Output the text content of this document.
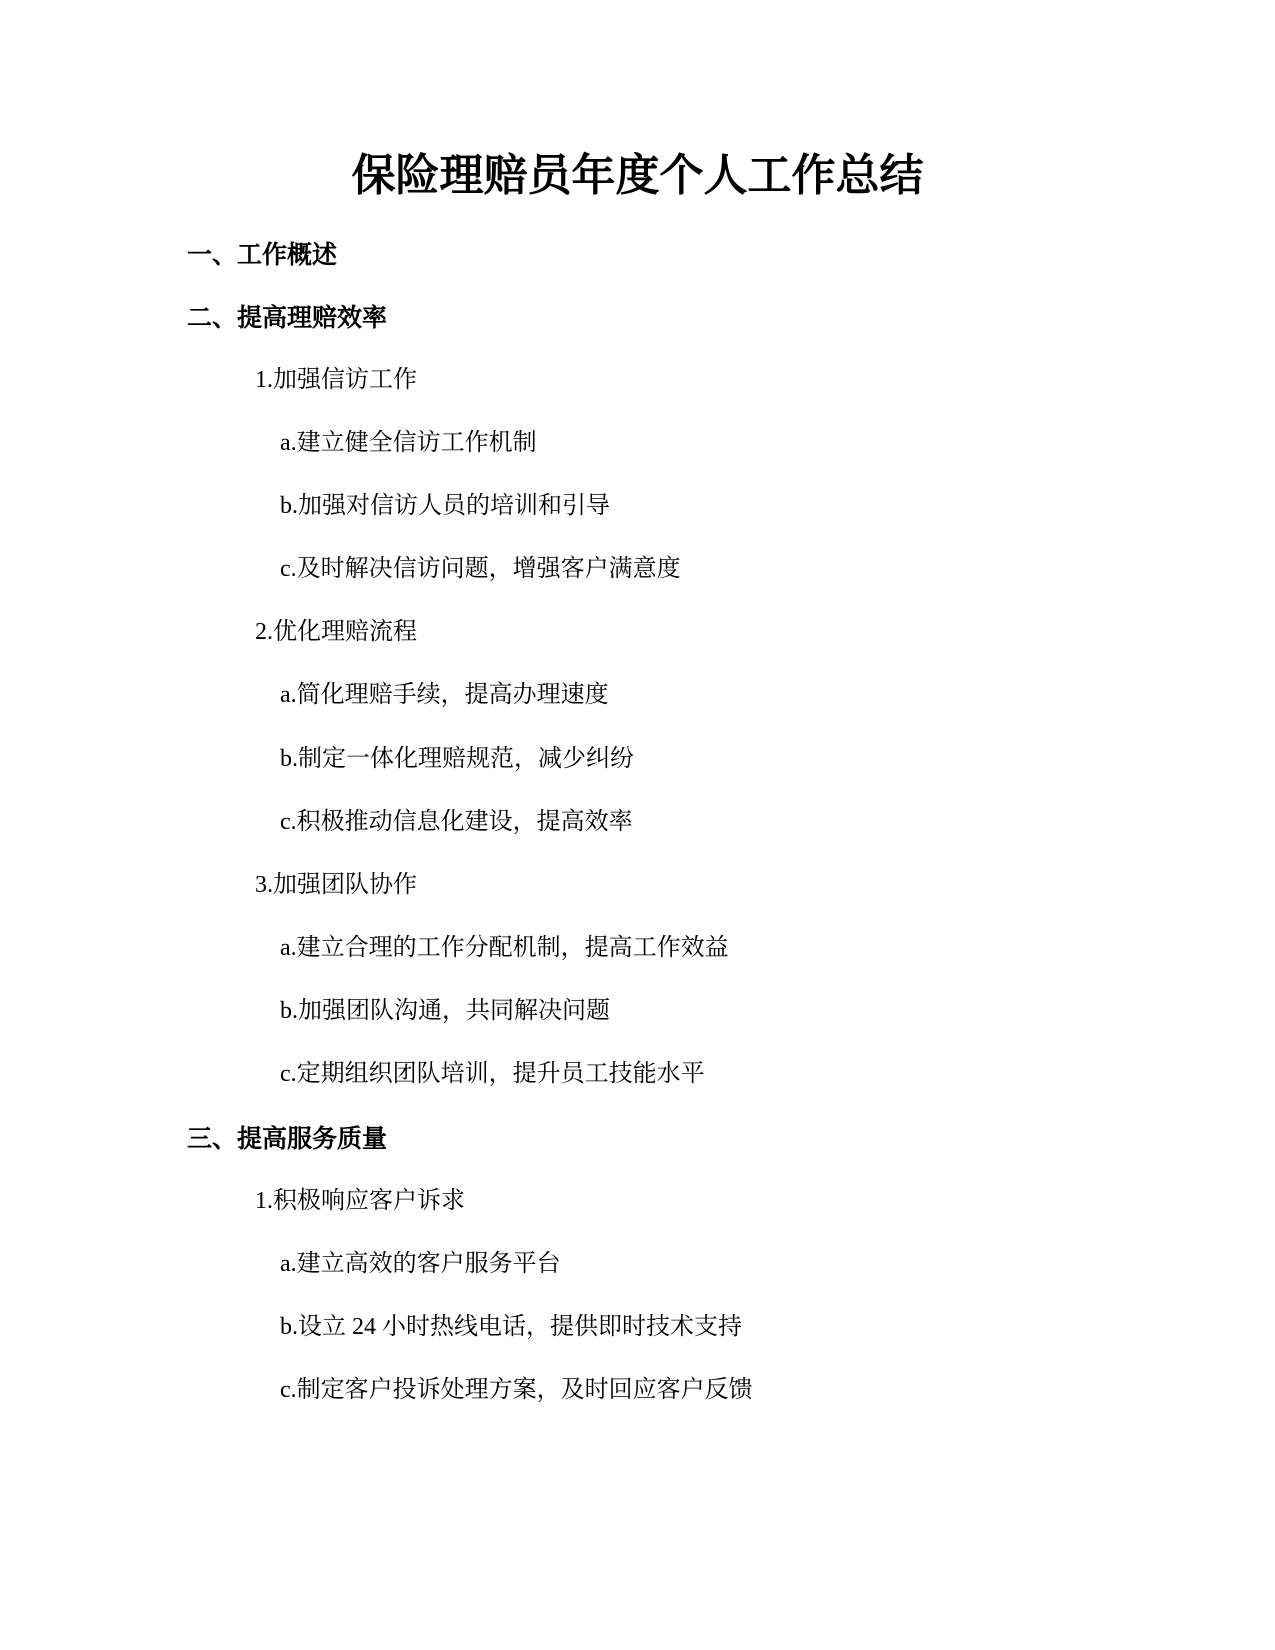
保险理赔员年度个人工作总结
一、工作概述
二、提高理赔效率
1.加强信访工作
a.建立健全信访工作机制
b.加强对信访人员的培训和引导
c.及时解决信访问题，增强客户满意度
2.优化理赔流程
a.简化理赔手续，提高办理速度
b.制定一体化理赔规范，减少纠纷
c.积极推动信息化建设，提高效率
3.加强团队协作
a.建立合理的工作分配机制，提高工作效益
b.加强团队沟通，共同解决问题
c.定期组织团队培训，提升员工技能水平
三、提高服务质量
1.积极响应客户诉求
a.建立高效的客户服务平台
b.设立 24 小时热线电话，提供即时技术支持
c.制定客户投诉处理方案，及时回应客户反馈
